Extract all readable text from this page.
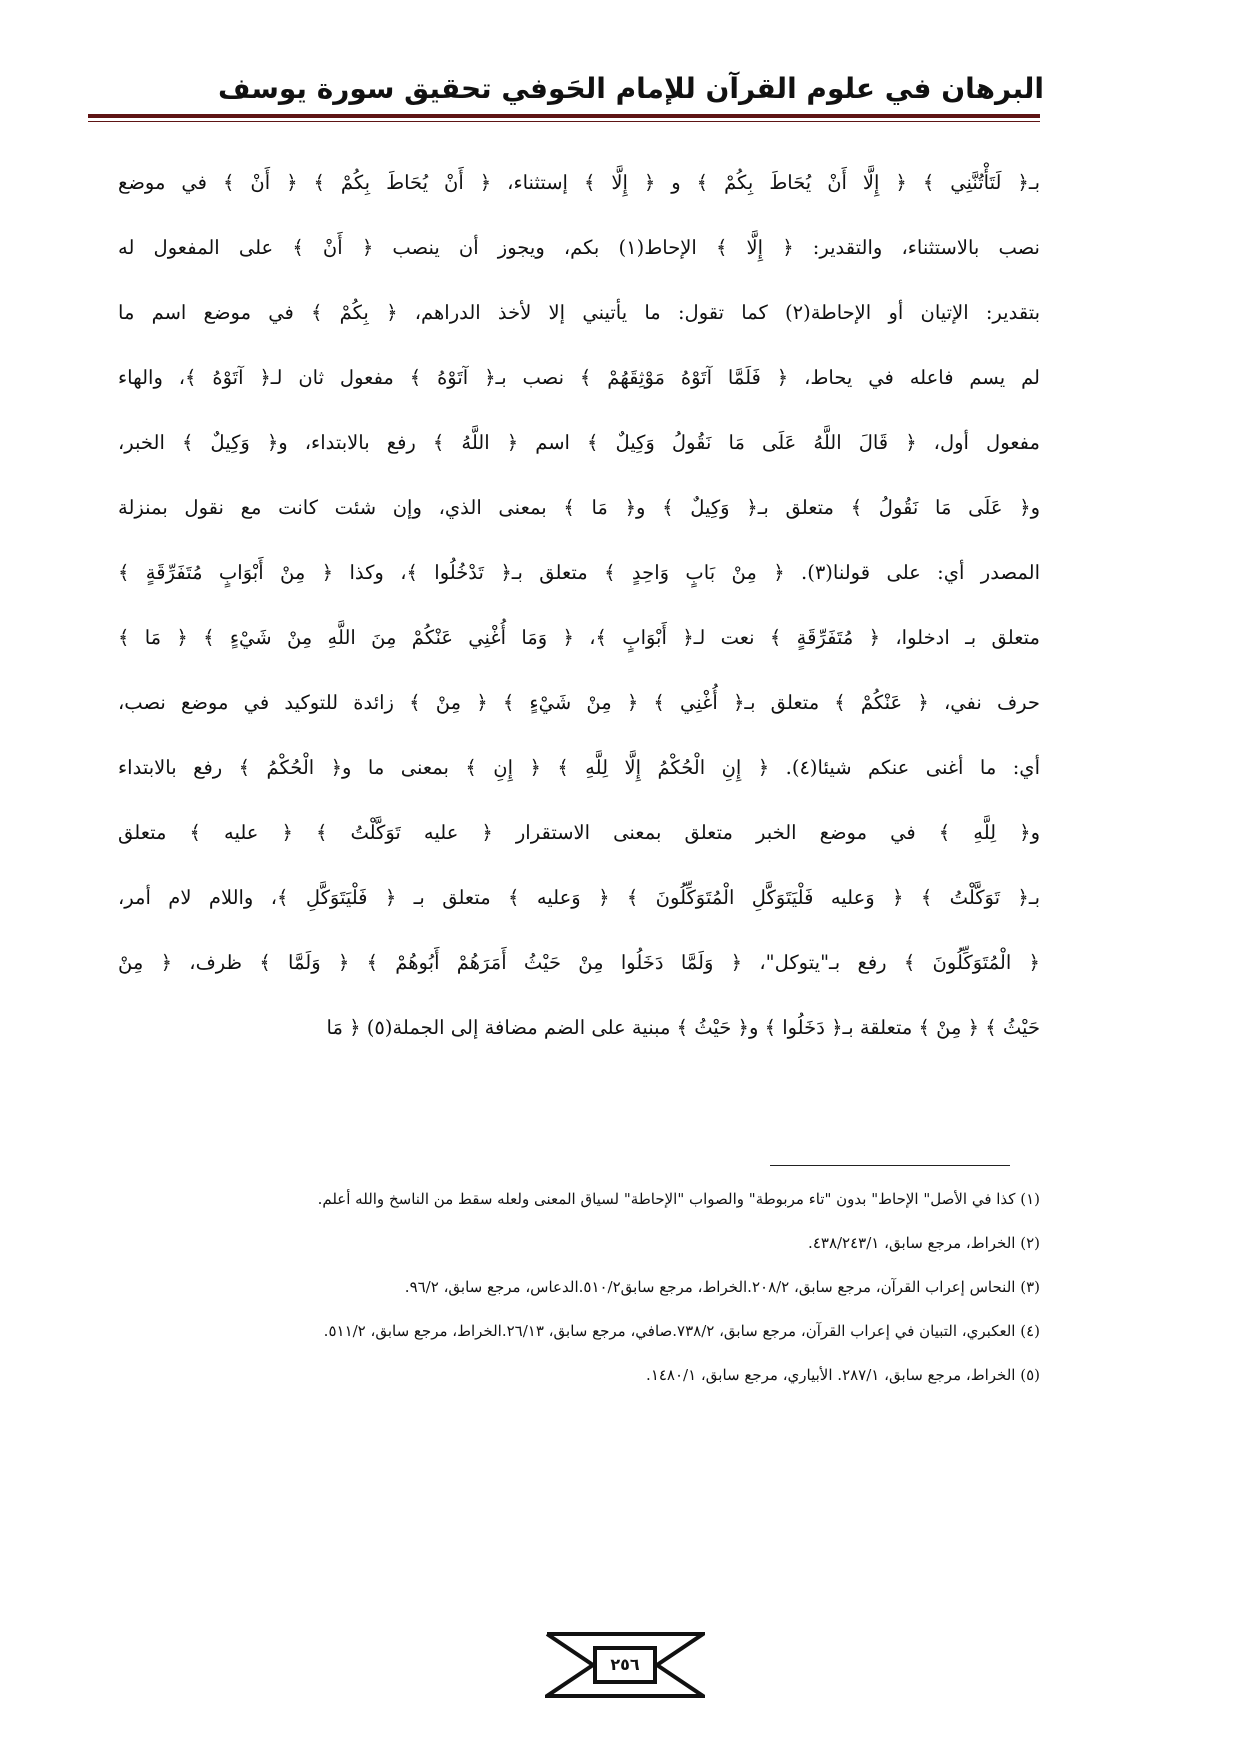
البرهان في علوم القرآن للإمام الحَوفي
تحقيق سورة يوسف
بـ﴿ لَتَأْتُنَّنِي ﴾ ﴿ إِلَّا أَنْ يُحَاطَ بِكُمْ ﴾ و ﴿ إِلَّا ﴾ إستثناء، ﴿ أَنْ يُحَاطَ بِكُمْ ﴾ ﴿ أَنْ ﴾ في موضع
نصب بالاستثناء، والتقدير: ﴿ إِلَّا ﴾ الإحاط(١) بكم، ويجوز أن ينصب ﴿ أَنْ ﴾ على المفعول له
بتقدير: الإتيان أو الإحاطة(٢) كما تقول: ما يأتيني إلا لأخذ الدراهم، ﴿ بِكُمْ ﴾ في موضع اسم ما
لم يسم فاعله في يحاط، ﴿ فَلَمَّا آتَوْهُ مَوْثِقَهُمْ ﴾ نصب بـ﴿ آتَوْهُ ﴾ مفعول ثان لـ﴿ آتَوْهُ ﴾، والهاء
مفعول أول، ﴿ قَالَ اللَّهُ عَلَى مَا نَقُولُ وَكِيلٌ ﴾ اسم ﴿ اللَّهُ ﴾ رفع بالابتداء، و﴿ وَكِيلٌ ﴾ الخبر،
و﴿ عَلَى مَا نَقُولُ ﴾ متعلق بـ﴿ وَكِيلٌ ﴾ و﴿ مَا ﴾ بمعنى الذي، وإن شئت كانت مع نقول بمنزلة
المصدر أي: على قولنا(٣). ﴿ مِنْ بَابٍ وَاحِدٍ ﴾ متعلق بـ﴿ تَدْخُلُوا ﴾، وكذا ﴿ مِنْ أَبْوَابٍ مُتَفَرِّقَةٍ ﴾
متعلق بـ ادخلوا، ﴿ مُتَفَرِّقَةٍ ﴾ نعت لـ﴿ أَبْوَابٍ ﴾، ﴿ وَمَا أُغْنِي عَنْكُمْ مِنَ اللَّهِ مِنْ شَيْءٍ ﴾ ﴿ مَا ﴾
حرف نفي، ﴿ عَنْكُمْ ﴾ متعلق بـ﴿ أُغْنِي ﴾ ﴿ مِنْ شَيْءٍ ﴾ ﴿ مِنْ ﴾ زائدة للتوكيد في موضع نصب،
أي: ما أغنى عنكم شيئا(٤). ﴿ إِنِ الْحُكْمُ إِلَّا لِلَّهِ ﴾ ﴿ إِنِ ﴾ بمعنى ما و﴿ الْحُكْمُ ﴾ رفع بالابتداء
و﴿ لِلَّهِ ﴾ في موضع الخبر متعلق بمعنى الاستقرار ﴿ عليه تَوَكَّلْتُ ﴾ ﴿ عليه ﴾ متعلق
بـ﴿ تَوَكَّلْتُ ﴾ ﴿ وَعليه فَلْيَتَوَكَّلِ الْمُتَوَكِّلُونَ ﴾ ﴿ وَعليه ﴾ متعلق بـ ﴿ فَلْيَتَوَكَّلِ ﴾، واللام لام أمر،
﴿ الْمُتَوَكِّلُونَ ﴾ رفع بـ"يتوكل"، ﴿ وَلَمَّا دَخَلُوا مِنْ حَيْثُ أَمَرَهُمْ أَبُوهُمْ ﴾ ﴿ وَلَمَّا ﴾ ظرف، ﴿ مِنْ
حَيْثُ ﴾ ﴿ مِنْ ﴾ متعلقة بـ﴿ دَخَلُوا ﴾ و﴿ حَيْثُ ﴾ مبنية على الضم مضافة إلى الجملة(٥) ﴿ مَا
(١) كذا في الأصل" الإحاط" بدون "تاء مربوطة" والصواب "الإحاطة" لسياق المعنى ولعله سقط من الناسخ والله أعلم.
(٢) الخراط، مرجع سابق، ٤٣٨/٢٤٣/١.
(٣) النحاس إعراب القرآن، مرجع سابق، ٢٠٨/٢.الخراط، مرجع سابق٥١٠/٢.الدعاس، مرجع سابق، ٩٦/٢.
(٤) العكبري، التبيان في إعراب القرآن، مرجع سابق، ٧٣٨/٢.صافي، مرجع سابق، ٢٦/١٣.الخراط، مرجع سابق، ٥١١/٢.
(٥) الخراط، مرجع سابق، ٢٨٧/١. الأبياري، مرجع سابق، ١٤٨٠/١.
٢٥٦
